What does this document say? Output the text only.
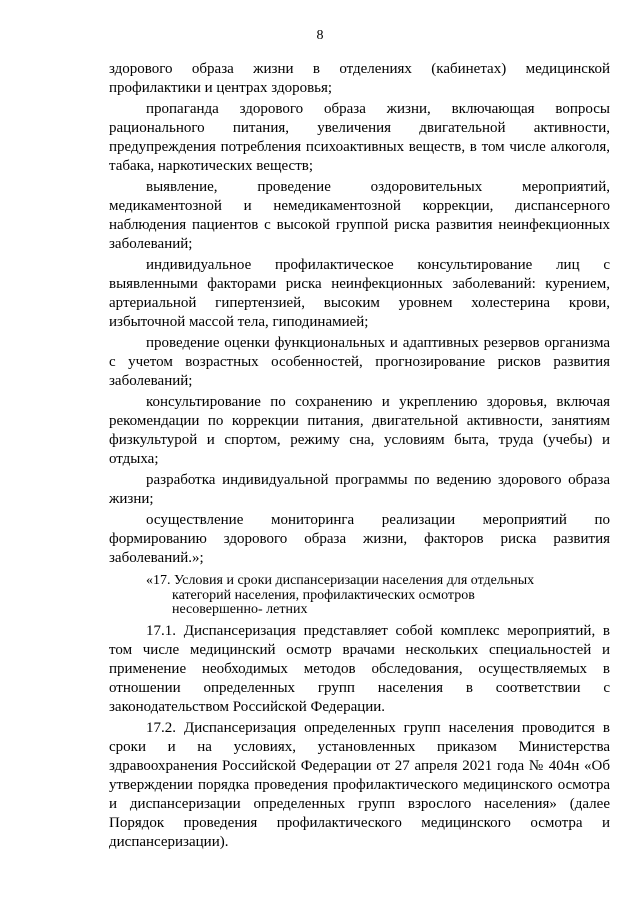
8

здорового образа жизни в отделениях (кабинетах) медицинской профилактики и центрах здоровья;

пропаганда здорового образа жизни, включающая вопросы рационального питания, увеличения двигательной активности, предупреждения потребления психоактивных веществ, в том числе алкоголя, табака, наркотических веществ;

выявление, проведение оздоровительных мероприятий, медикаментозной и немедикаментозной коррекции, диспансерного наблюдения пациентов с высокой группой риска развития неинфекционных заболеваний;

индивидуальное профилактическое консультирование лиц с выявленными факторами риска неинфекционных заболеваний: курением, артериальной гипертензией, высоким уровнем холестерина крови, избыточной массой тела, гиподинамией;

проведение оценки функциональных и адаптивных резервов организма с учетом возрастных особенностей, прогнозирование рисков развития заболеваний;

консультирование по сохранению и укреплению здоровья, включая рекомендации по коррекции питания, двигательной активности, занятиям физкультурой и спортом, режиму сна, условиям быта, труда (учебы) и отдыха;

разработка индивидуальной программы по ведению здорового образа жизни;

осуществление мониторинга реализации мероприятий по формированию здорового образа жизни, факторов риска развития заболеваний.»;

«17. Условия и сроки диспансеризации населения для отдельных
категорий населения, профилактических осмотров несовершенно- летних

17.1. Диспансеризация представляет собой комплекс мероприятий, в том числе медицинский осмотр врачами нескольких специальностей и применение необходимых методов обследования, осуществляемых в отношении определенных групп населения в соответствии с законодательством Российской Федерации.

17.2. Диспансеризация определенных групп населения проводится в сроки и на условиях, установленных приказом Министерства здравоохранения Российской Федерации от 27 апреля 2021 года № 404н «Об утверждении порядка проведения профилактического медицинского осмотра и диспансеризации определенных групп взрослого населения» (далее Порядок проведения профилактического медицинского осмотра и диспансеризации).
